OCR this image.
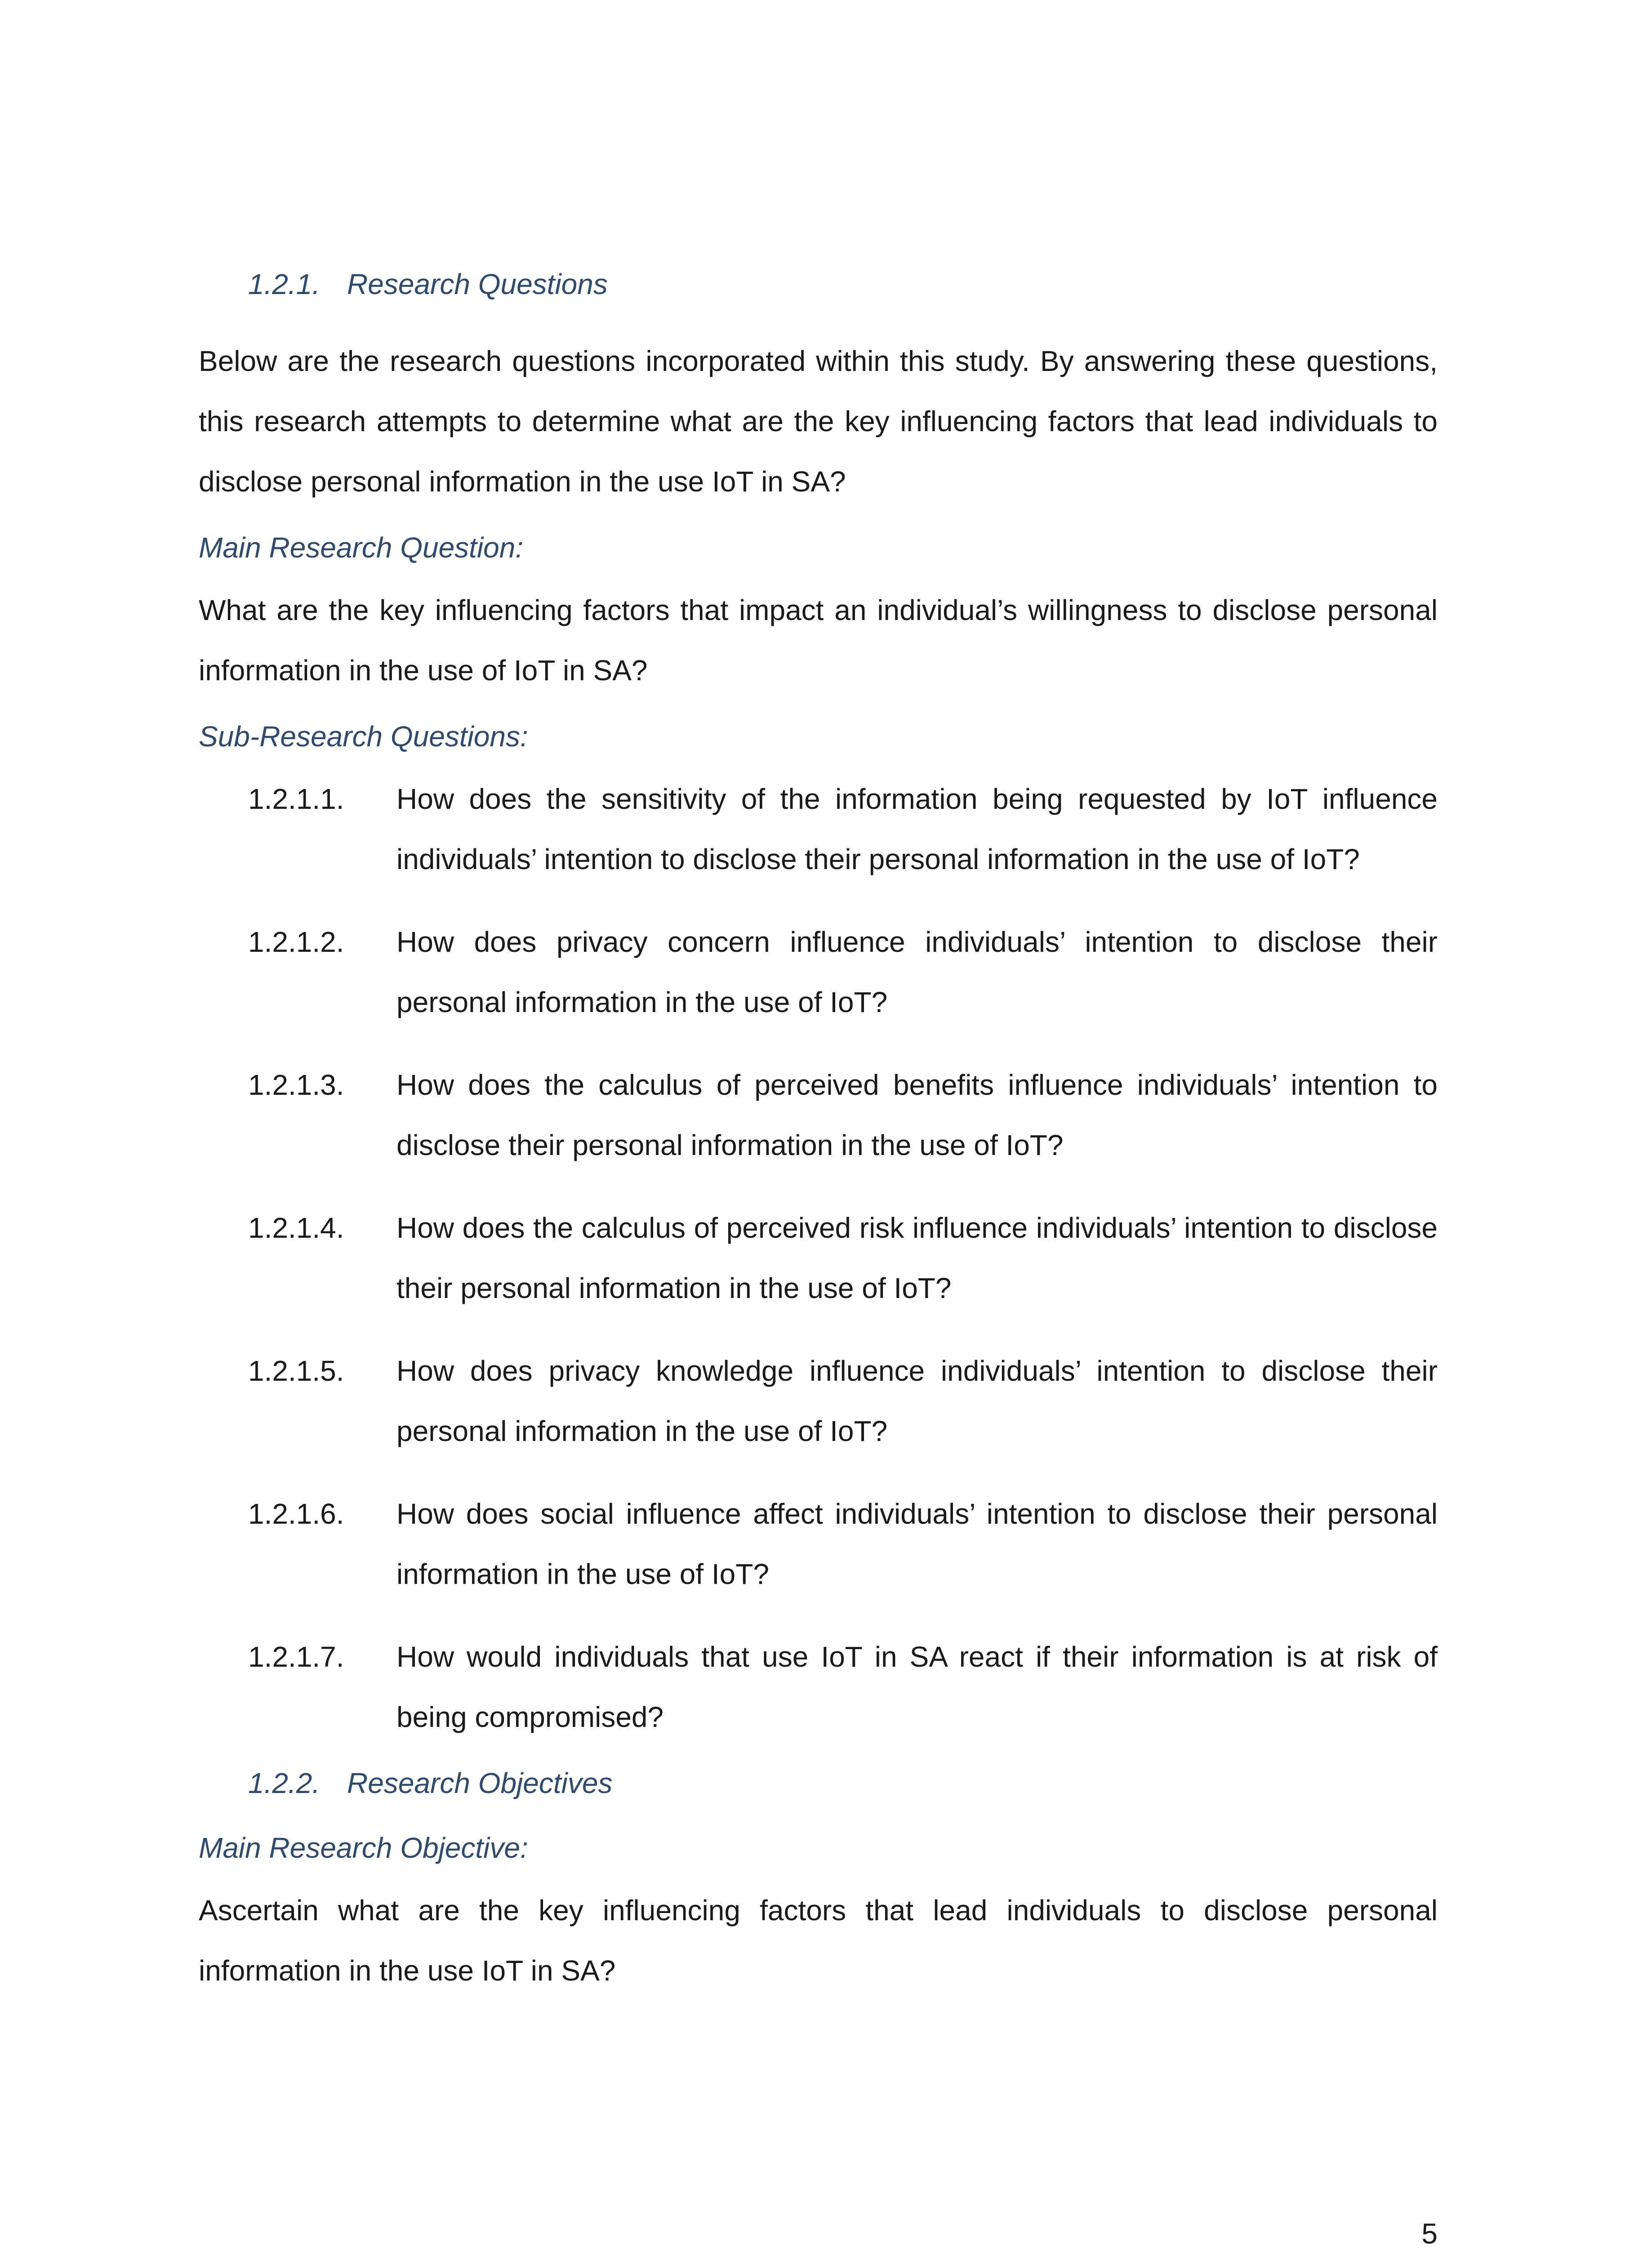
1.2.1. Research Questions

Below are the research questions incorporated within this study. By answering these questions, this research attempts to determine what are the key influencing factors that lead individuals to disclose personal information in the use IoT in SA?

Main Research Question:

What are the key influencing factors that impact an individual’s willingness to disclose personal information in the use of IoT in SA?

Sub-Research Questions:

1.2.1.1.	How does the sensitivity of the information being requested by IoT influence individuals’ intention to disclose their personal information in the use of IoT?
1.2.1.2.	How does privacy concern influence individuals’ intention to disclose their personal information in the use of IoT?
1.2.1.3.	How does the calculus of perceived benefits influence individuals’ intention to disclose their personal information in the use of IoT?
1.2.1.4.	How does the calculus of perceived risk influence individuals’ intention to disclose their personal information in the use of IoT?
1.2.1.5.	How does privacy knowledge influence individuals’ intention to disclose their personal information in the use of IoT?
1.2.1.6.	How does social influence affect individuals’ intention to disclose their personal information in the use of IoT?
1.2.1.7.	How would individuals that use IoT in SA react if their information is at risk of being compromised?

1.2.2. Research Objectives

Main Research Objective:

Ascertain what are the key influencing factors that lead individuals to disclose personal information in the use IoT in SA?

5
